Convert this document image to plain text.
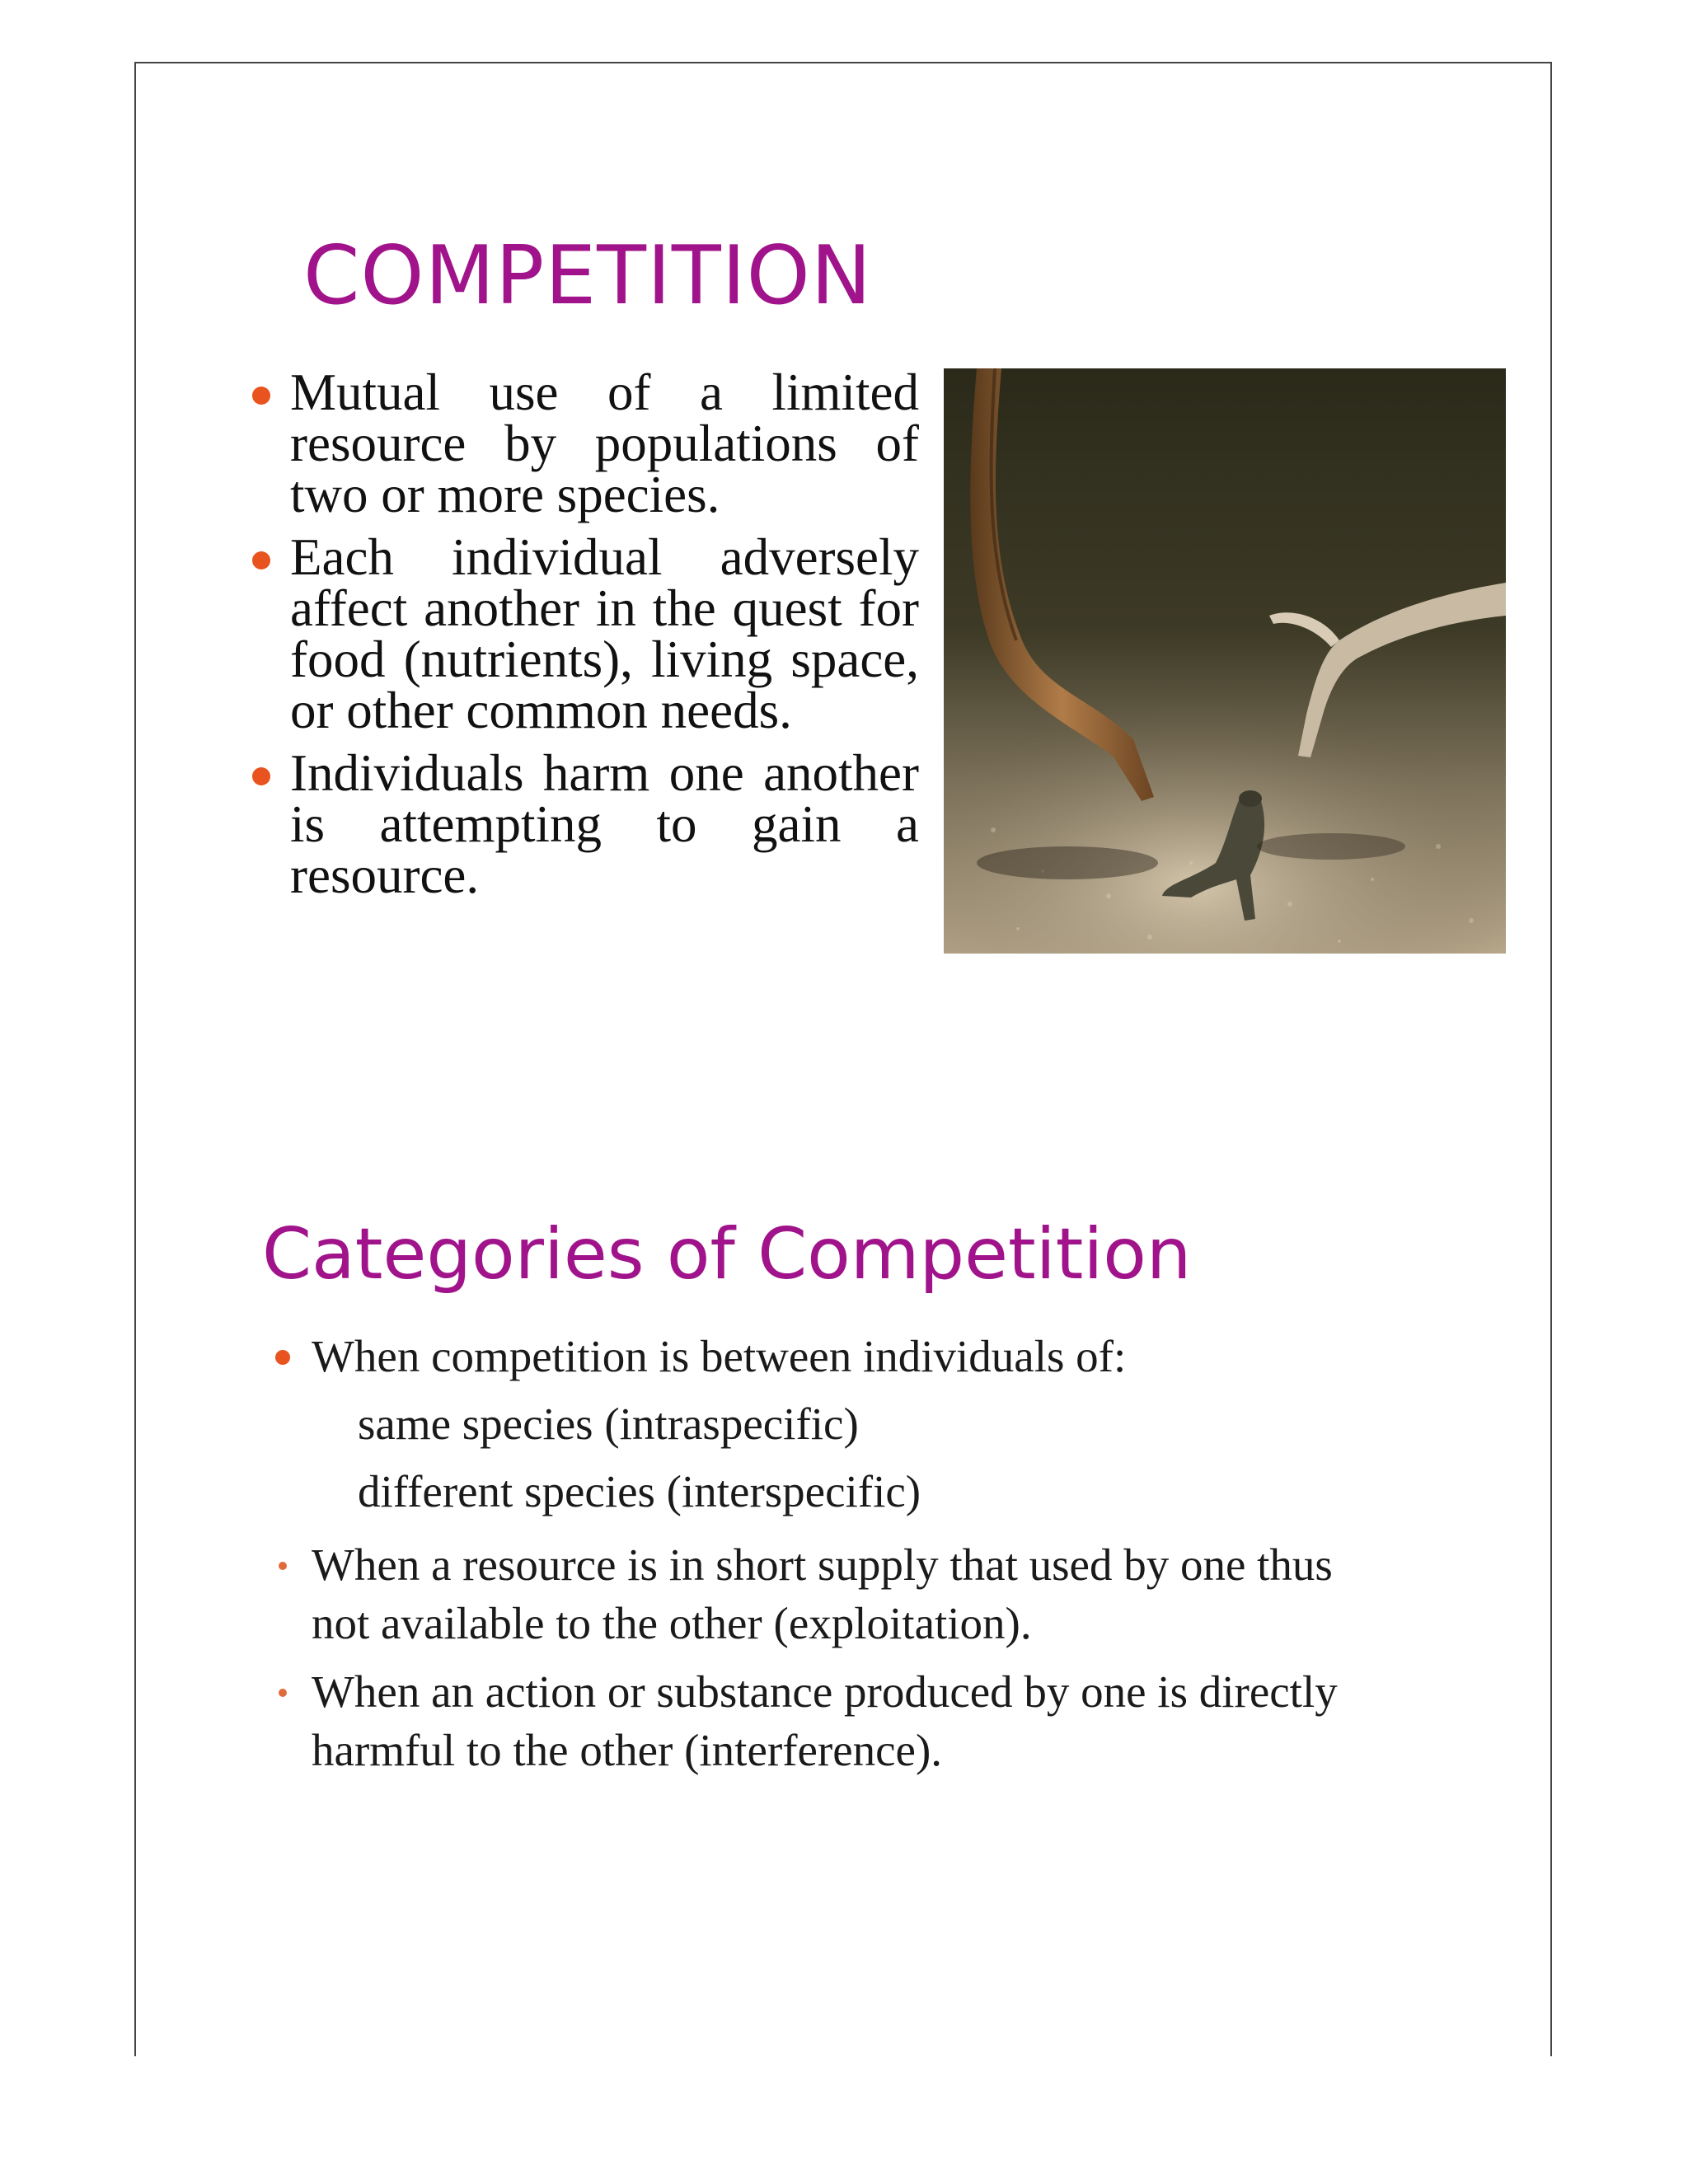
COMPETITION
Mutual use of a limited resource by populations of two or more species.
Each individual adversely affect another in the quest for food (nutrients), living space, or other common needs.
Individuals harm one another is attempting to gain a resource.
Categories of Competition
When competition is between individuals of:
same species (intraspecific)
different species (interspecific)
When a resource is in short supply that used by one thus not available to the other (exploitation).
When an action or substance produced by one is directly harmful to the other (interference).
